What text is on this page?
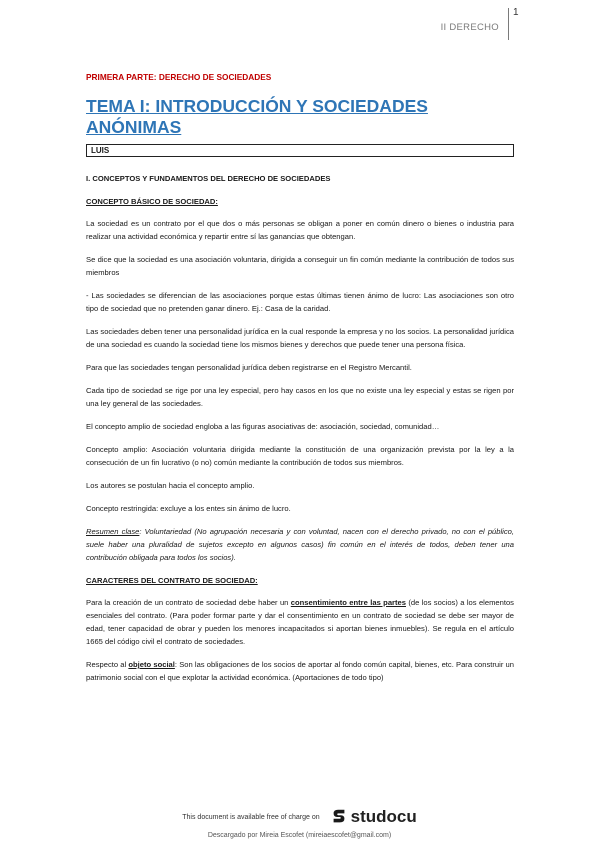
II DERECHO
1
PRIMERA PARTE: DERECHO DE SOCIEDADES
TEMA I: INTRODUCCIÓN Y SOCIEDADES ANÓNIMAS
LUIS
I. CONCEPTOS Y FUNDAMENTOS DEL DERECHO DE SOCIEDADES
CONCEPTO BÁSICO DE SOCIEDAD:

La sociedad es un contrato por el que dos o más personas se obligan a poner en común dinero o bienes o industria para realizar una actividad económica y repartir entre sí las ganancias que obtengan.

Se dice que la sociedad es una asociación voluntaria, dirigida a conseguir un fin común mediante la contribución de todos sus miembros

- Las sociedades se diferencian de las asociaciones porque estas últimas tienen ánimo de lucro: Las asociaciones son otro tipo de sociedad que no pretenden ganar dinero. Ej.: Casa de la caridad.

Las sociedades deben tener una personalidad jurídica en la cual responde la empresa y no los socios. La personalidad jurídica de una sociedad es cuando la sociedad tiene los mismos bienes y derechos que puede tener una persona física.

Para que las sociedades tengan personalidad jurídica deben registrarse en el Registro Mercantil.

Cada tipo de sociedad se rige por una ley especial, pero hay casos en los que no existe una ley especial y estas se rigen por una ley general de las sociedades.

El concepto amplio de sociedad engloba a las figuras asociativas de: asociación, sociedad, comunidad…

Concepto amplio: Asociación voluntaria dirigida mediante la constitución de una organización prevista por la ley a la consecución de un fin lucrativo (o no) común mediante la contribución de todos sus miembros.

Los autores se postulan hacia el concepto amplio.

Concepto restringida: excluye a los entes sin ánimo de lucro.

Resumen clase: Voluntariedad (No agrupación necesaria y con voluntad, nacen con el derecho privado, no con el público, suele haber una pluralidad de sujetos excepto en algunos casos) fin común en el interés de todos, deben tener una contribución obligada para todos los socios).

CARACTERES DEL CONTRATO DE SOCIEDAD:

Para la creación de un contrato de sociedad debe haber un consentimiento entre las partes (de los socios) a los elementos esenciales del contrato. (Para poder formar parte y dar el consentimiento en un contrato de sociedad se debe ser mayor de edad, tener capacidad de obrar y pueden los menores incapacitados si aportan bienes inmuebles). Se regula en el artículo 1665 del código civil el contrato de sociedades.

Respecto al objeto social: Son las obligaciones de los socios de aportar al fondo común capital, bienes, etc. Para construir un patrimonio social con el que explotar la actividad económica. (Aportaciones de todo tipo)

This document is available free of charge on studocu
Descargado por Mireia Escofet (mireiaescofet@gmail.com)
